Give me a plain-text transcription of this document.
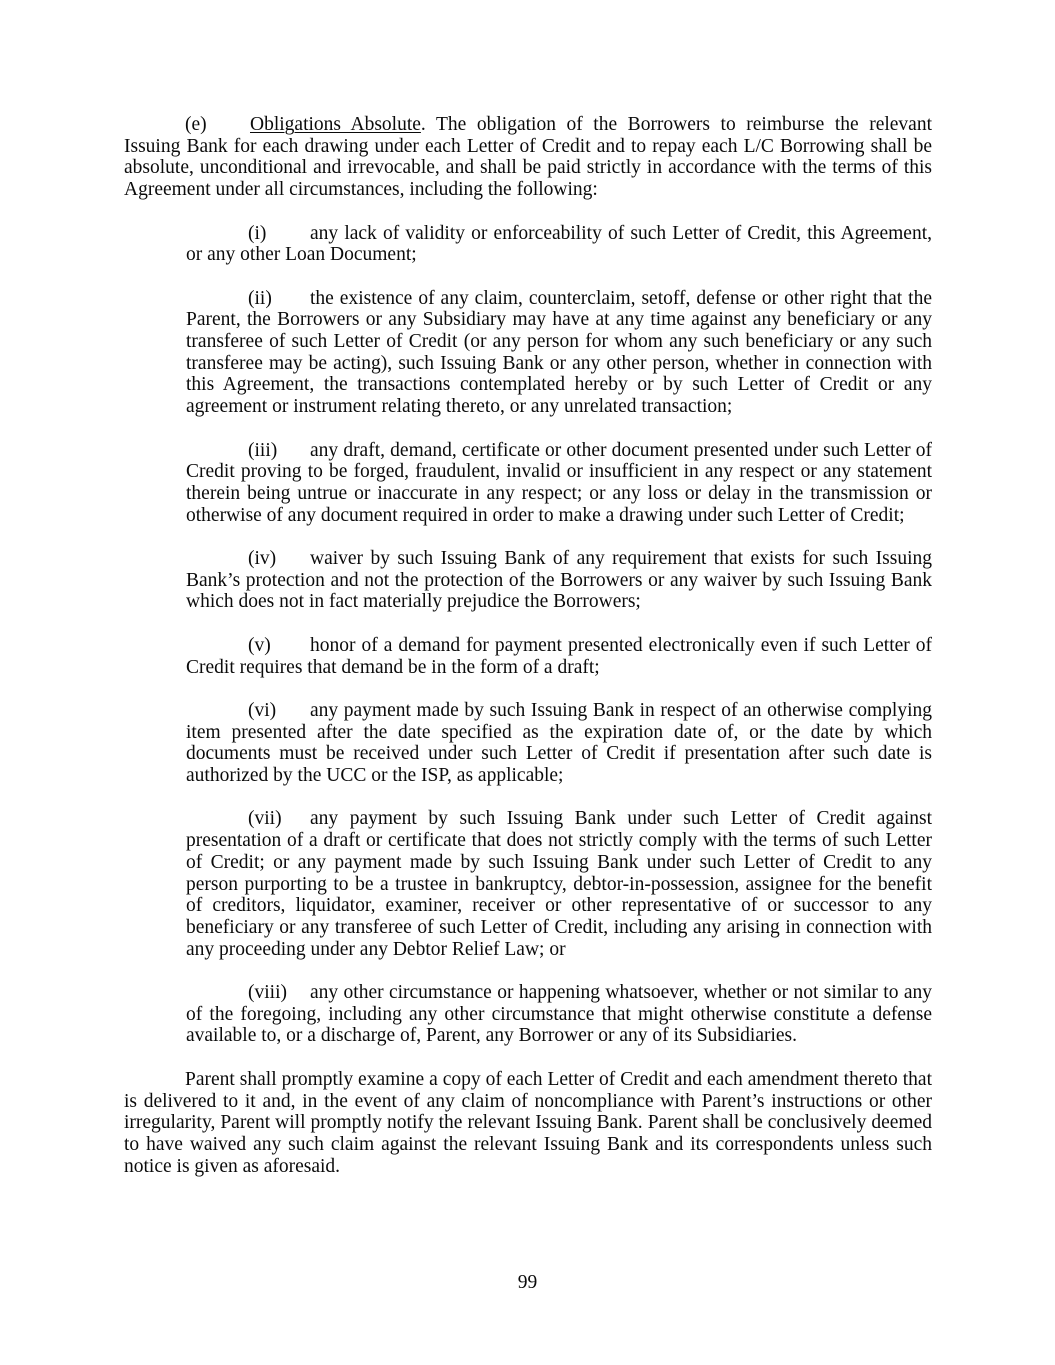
(e) Obligations Absolute. The obligation of the Borrowers to reimburse the relevant Issuing Bank for each drawing under each Letter of Credit and to repay each L/C Borrowing shall be absolute, unconditional and irrevocable, and shall be paid strictly in accordance with the terms of this Agreement under all circumstances, including the following:

(i) any lack of validity or enforceability of such Letter of Credit, this Agreement, or any other Loan Document;

(ii) the existence of any claim, counterclaim, setoff, defense or other right that the Parent, the Borrowers or any Subsidiary may have at any time against any beneficiary or any transferee of such Letter of Credit (or any person for whom any such beneficiary or any such transferee may be acting), such Issuing Bank or any other person, whether in connection with this Agreement, the transactions contemplated hereby or by such Letter of Credit or any agreement or instrument relating thereto, or any unrelated transaction;

(iii) any draft, demand, certificate or other document presented under such Letter of Credit proving to be forged, fraudulent, invalid or insufficient in any respect or any statement therein being untrue or inaccurate in any respect; or any loss or delay in the transmission or otherwise of any document required in order to make a drawing under such Letter of Credit;

(iv) waiver by such Issuing Bank of any requirement that exists for such Issuing Bank’s protection and not the protection of the Borrowers or any waiver by such Issuing Bank which does not in fact materially prejudice the Borrowers;

(v) honor of a demand for payment presented electronically even if such Letter of Credit requires that demand be in the form of a draft;

(vi) any payment made by such Issuing Bank in respect of an otherwise complying item presented after the date specified as the expiration date of, or the date by which documents must be received under such Letter of Credit if presentation after such date is authorized by the UCC or the ISP, as applicable;

(vii) any payment by such Issuing Bank under such Letter of Credit against presentation of a draft or certificate that does not strictly comply with the terms of such Letter of Credit; or any payment made by such Issuing Bank under such Letter of Credit to any person purporting to be a trustee in bankruptcy, debtor-in-possession, assignee for the benefit of creditors, liquidator, examiner, receiver or other representative of or successor to any beneficiary or any transferee of such Letter of Credit, including any arising in connection with any proceeding under any Debtor Relief Law; or

(viii) any other circumstance or happening whatsoever, whether or not similar to any of the foregoing, including any other circumstance that might otherwise constitute a defense available to, or a discharge of, Parent, any Borrower or any of its Subsidiaries.

Parent shall promptly examine a copy of each Letter of Credit and each amendment thereto that is delivered to it and, in the event of any claim of noncompliance with Parent’s instructions or other irregularity, Parent will promptly notify the relevant Issuing Bank. Parent shall be conclusively deemed to have waived any such claim against the relevant Issuing Bank and its correspondents unless such notice is given as aforesaid.

99
